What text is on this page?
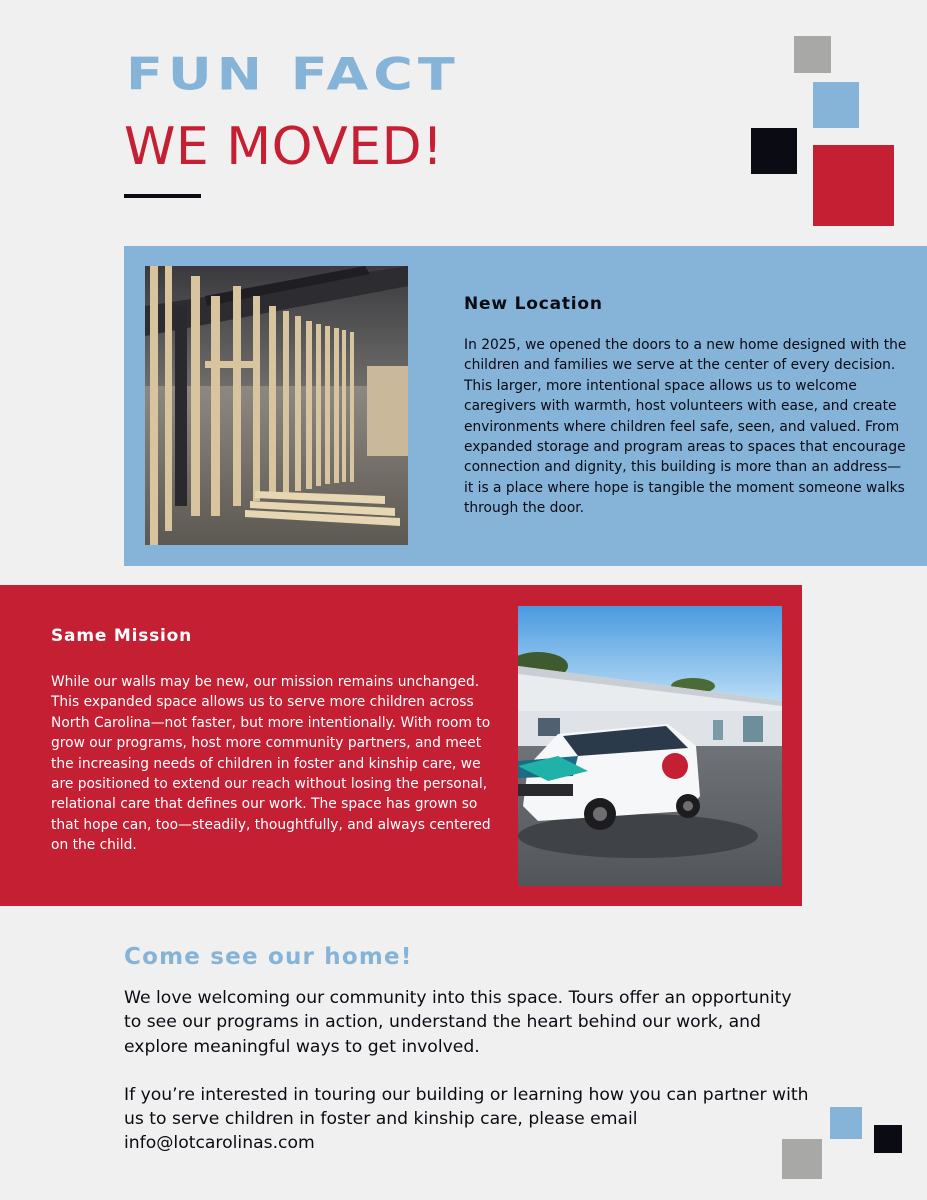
FUN FACT
WE MOVED!
New Location
In 2025, we opened the doors to a new home designed with the children and families we serve at the center of every decision. This larger, more intentional space allows us to welcome caregivers with warmth, host volunteers with ease, and create environments where children feel safe, seen, and valued. From expanded storage and program areas to spaces that encourage connection and dignity, this building is more than an address—it is a place where hope is tangible the moment someone walks through the door.
Same Mission
While our walls may be new, our mission remains unchanged. This expanded space allows us to serve more children across North Carolina—not faster, but more intentionally. With room to grow our programs, host more community partners, and meet the increasing needs of children in foster and kinship care, we are positioned to extend our reach without losing the personal, relational care that defines our work. The space has grown so that hope can, too—steadily, thoughtfully, and always centered on the child.
Come see our home!

We love welcoming our community into this space. Tours offer an opportunity to see our programs in action, understand the heart behind our work, and explore meaningful ways to get involved.

If you’re interested in touring our building or learning how you can partner with us to serve children in foster and kinship care, please email info@lotcarolinas.com
